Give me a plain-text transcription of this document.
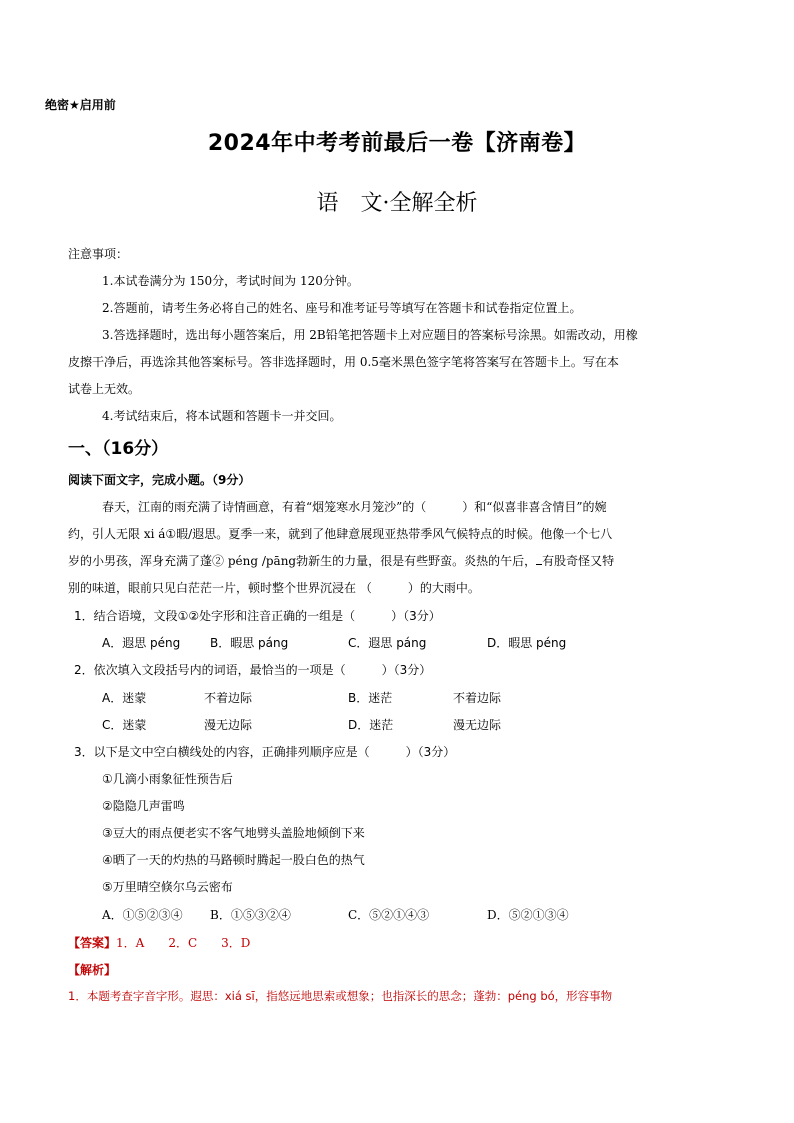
绝密★启用前
2024年中考考前最后一卷【济南卷】
语　文·全解全析
注意事项：
1.本试卷满分为 150分，考试时间为 120分钟。
2.答题前，请考生务必将自己的姓名、座号和准考证号等填写在答题卡和试卷指定位置上。
3.答选择题时，选出每小题答案后，用 2B铅笔把答题卡上对应题目的答案标号涂黑。如需改动，用橡
皮擦干净后，再选涂其他答案标号。答非选择题时，用 0.5毫米黑色签字笔将答案写在答题卡上。写在本
试卷上无效。
4.考试结束后，将本试题和答题卡一并交回。
一、（16分）
阅读下面文字，完成小题。（9分）
春天，江南的雨充满了诗情画意，有着“烟笼寒水月笼沙”的（　　　）和“似喜非喜含情目”的婉
约，引人无限 xi á①暇/遐思。夏季一来，就到了他肆意展现亚热带季风气候特点的时候。他像一个七八
岁的小男孩，浑身充满了蓬② péng /pāng勃新生的力量，很是有些野蛮。炎热的午后， 有股奇怪又特
别的味道，眼前只见白茫茫一片，顿时整个世界沉浸在 （　　　）的大雨中。
1．结合语境，文段①②处字形和注音正确的一组是（　　　）（3分）
A．遐思 péng B．暇思 páng	C．遐思 páng	D．暇思 péng
2．依次填入文段括号内的词语，最恰当的一项是（　　　）（3分）
A．迷蒙	不着边际	B．迷茫	不着边际
C．迷蒙	漫无边际	D．迷茫	漫无边际
3．以下是文中空白横线处的内容，正确排列顺序应是（　　　）（3分）
①几滴小雨象征性预告后
②隐隐几声雷鸣
③豆大的雨点便老实不客气地劈头盖脸地倾倒下来
④晒了一天的灼热的马路顿时腾起一股白色的热气
⑤万里晴空倏尔乌云密布
A．①⑤②③④ B．①⑤③②④	C．⑤②①④③	D．⑤②①③④
【答案】1．A　　2．C　　3．D
【解析】
1．本题考查字音字形。遐思：xiá sī，指悠远地思索或想象；也指深长的思念；蓬勃：péng bó，形容事物
